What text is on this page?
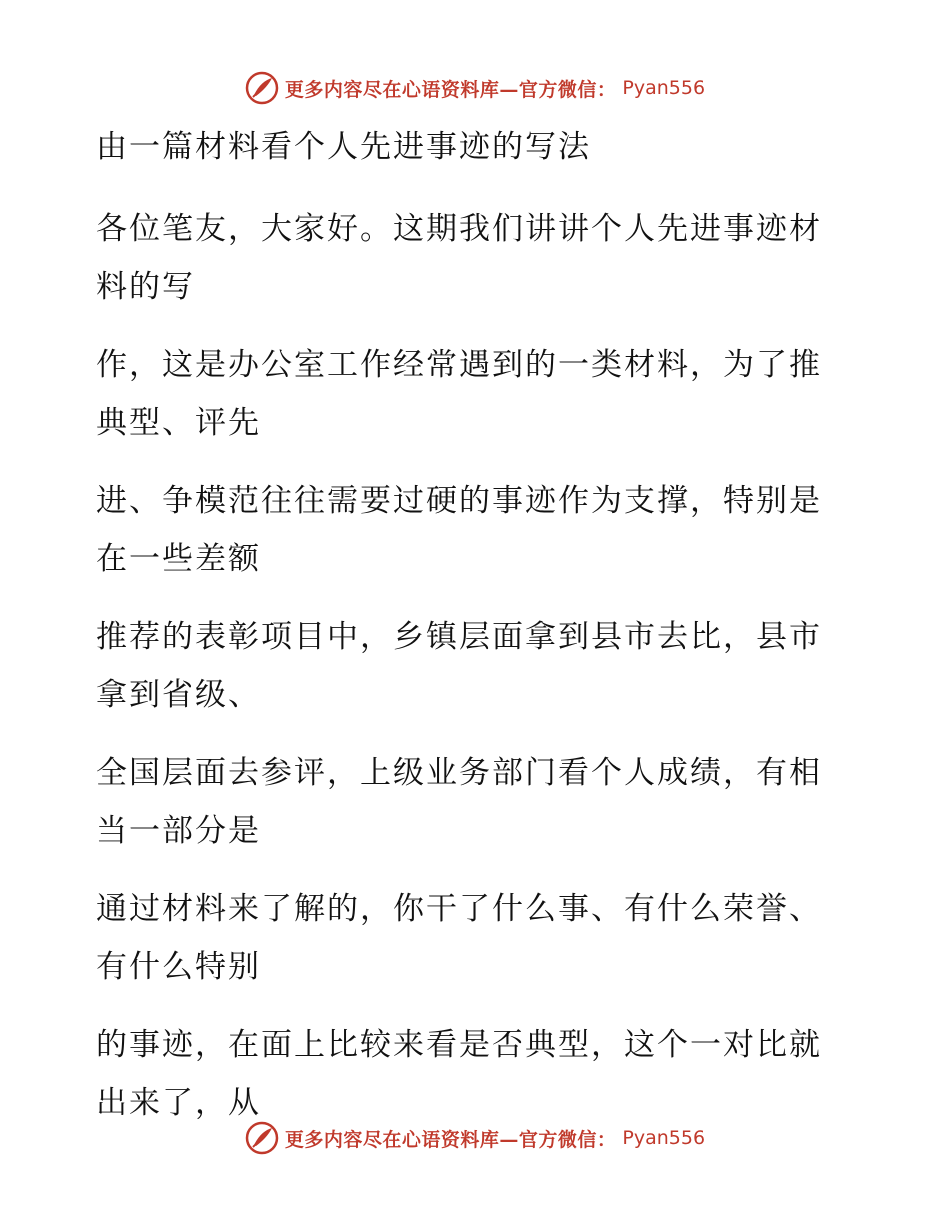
更多内容尽在心语资料库—官方微信： Pyan556

由一篇材料看个人先进事迹的写法

各位笔友，大家好。这期我们讲讲个人先进事迹材料的写

作，这是办公室工作经常遇到的一类材料，为了推典型、评先

进、争模范往往需要过硬的事迹作为支撑，特别是在一些差额

推荐的表彰项目中，乡镇层面拿到县市去比，县市拿到省级、

全国层面去参评，上级业务部门看个人成绩，有相当一部分是

通过材料来了解的，你干了什么事、有什么荣誉、有什么特别

的事迹，在面上比较来看是否典型，这个一对比就出来了，从

更多内容尽在心语资料库—官方微信： Pyan556
